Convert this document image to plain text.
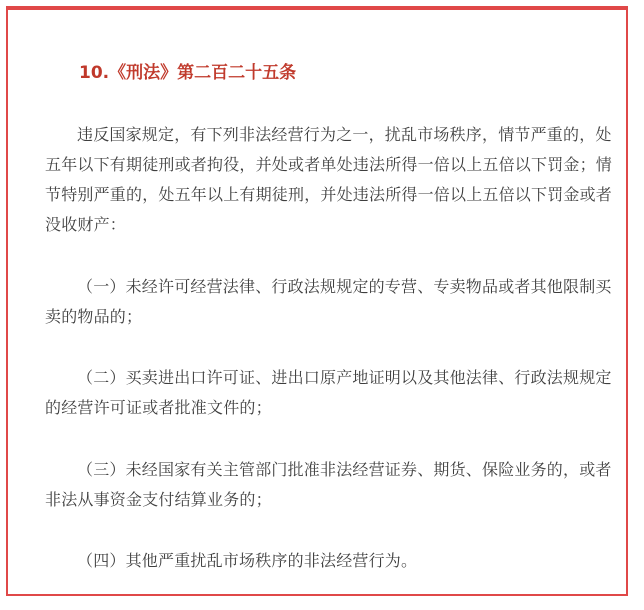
10.《刑法》第二百二十五条

违反国家规定，有下列非法经营行为之一，扰乱市场秩序，情节严重的，处五年以下有期徒刑或者拘役，并处或者单处违法所得一倍以上五倍以下罚金；情节特别严重的，处五年以上有期徒刑，并处违法所得一倍以上五倍以下罚金或者没收财产：

（一）未经许可经营法律、行政法规规定的专营、专卖物品或者其他限制买卖的物品的；

（二）买卖进出口许可证、进出口原产地证明以及其他法律、行政法规规定的经营许可证或者批准文件的；

（三）未经国家有关主管部门批准非法经营证券、期货、保险业务的，或者非法从事资金支付结算业务的；

（四）其他严重扰乱市场秩序的非法经营行为。
